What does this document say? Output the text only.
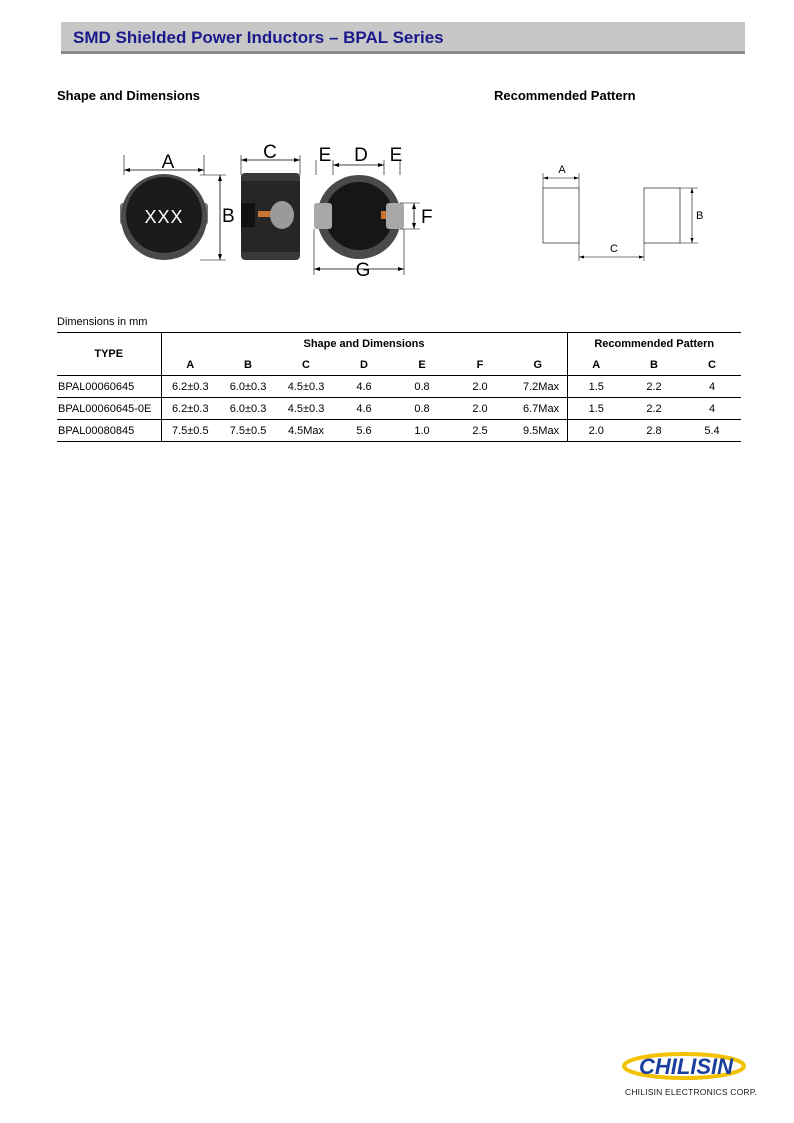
SMD Shielded Power Inductors – BPAL Series
Shape and Dimensions	Recommended Pattern
A
XXX B
C E D E
F
G
A
B
C
Dimensions in mm
TYPE	Shape and Dimensions							Recommended Pattern		
	A	B	C	D	E	F	G	A	B	C
BPAL00060645	6.2±0.3	6.0±0.3	4.5±0.3	4.6	0.8	2.0	7.2Max	1.5	2.2	4
BPAL00060645-0E	6.2±0.3	6.0±0.3	4.5±0.3	4.6	0.8	2.0	6.7Max	1.5	2.2	4
BPAL00080845	7.5±0.5	7.5±0.5	4.5Max	5.6	1.0	2.5	9.5Max	2.0	2.8	5.4
CHILISIN
CHILISIN ELECTRONICS CORP.
